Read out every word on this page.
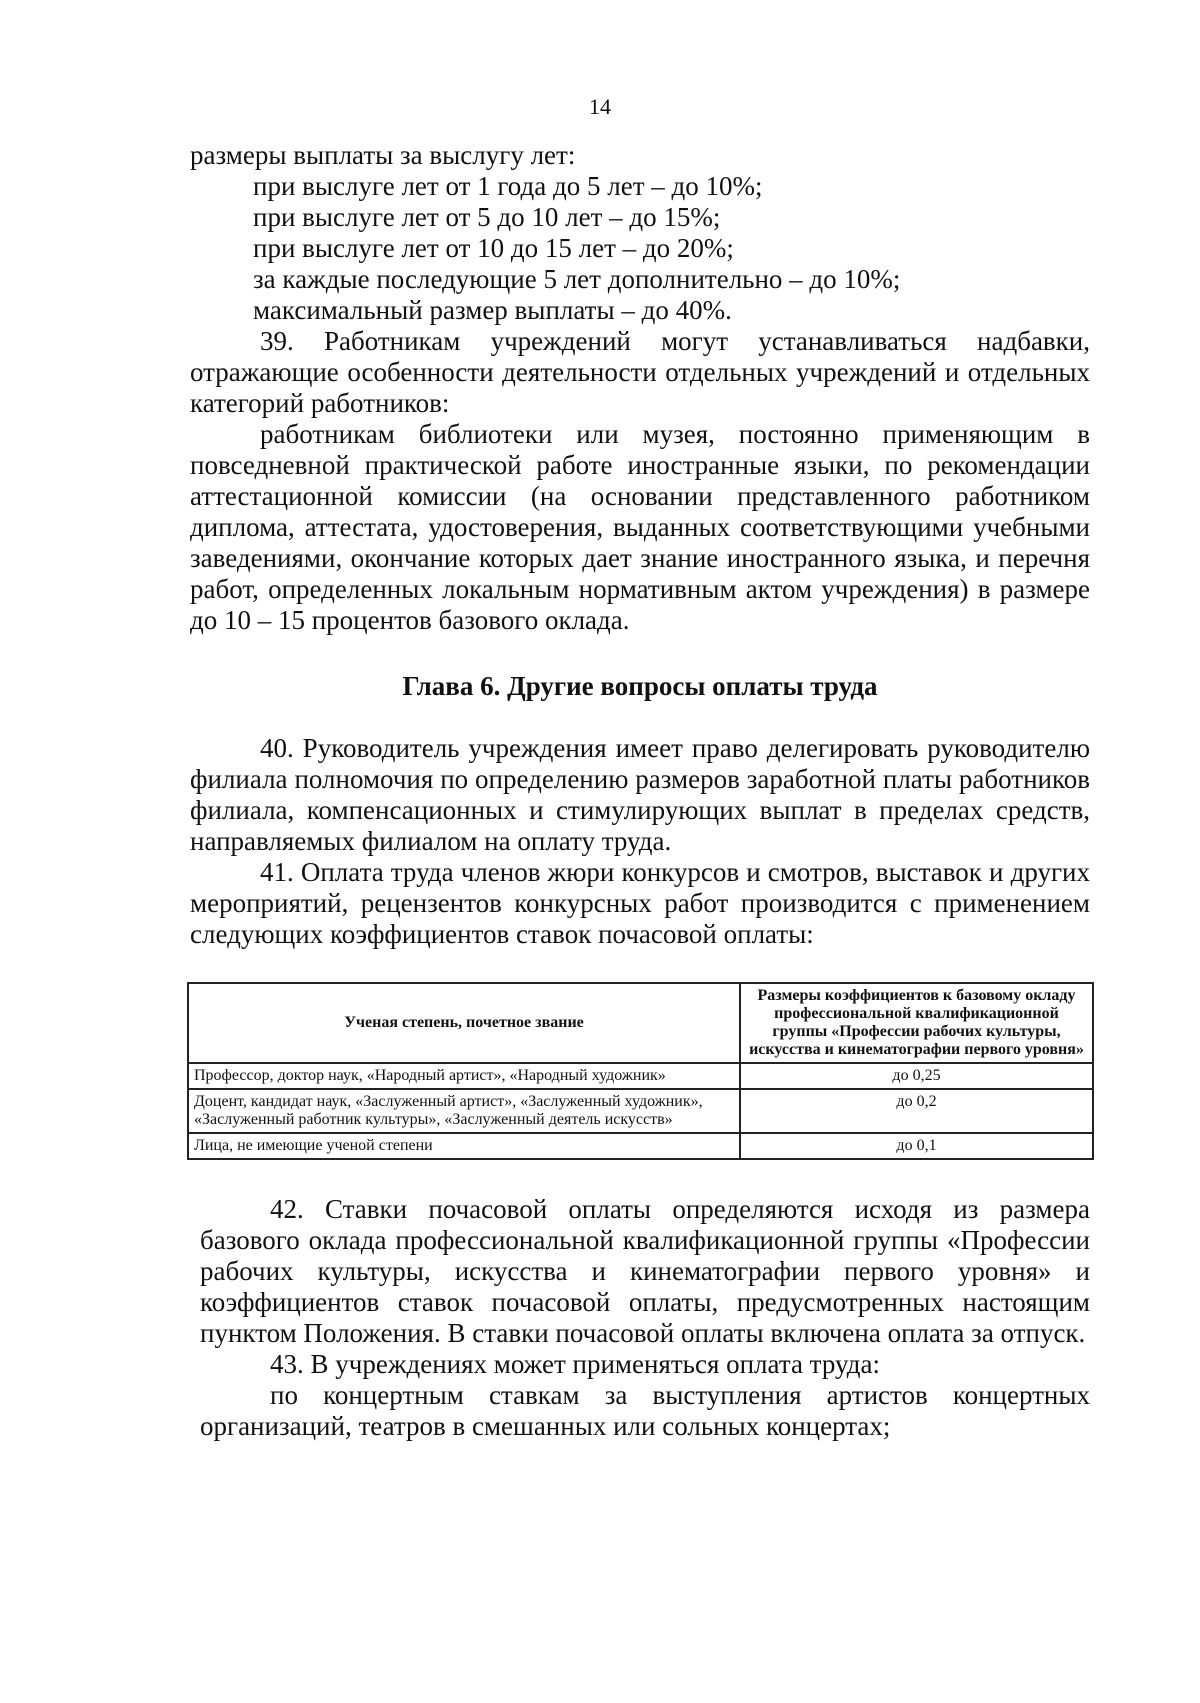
14

размеры выплаты за выслугу лет:

при выслуге лет от 1 года до 5 лет – до 10%;

при выслуге лет от 5 до 10 лет – до 15%;

при выслуге лет от 10 до 15 лет – до 20%;

за каждые последующие 5 лет дополнительно – до 10%;

максимальный размер выплаты – до 40%.

39. Работникам учреждений могут устанавливаться надбавки, отражающие особенности деятельности отдельных учреждений и отдельных категорий работников:

работникам библиотеки или музея, постоянно применяющим в повседневной практической работе иностранные языки, по рекомендации аттестационной комиссии (на основании представленного работником диплома, аттестата, удостоверения, выданных соответствующими учебными заведениями, окончание которых дает знание иностранного языка, и перечня работ, определенных локальным нормативным актом учреждения) в размере до 10 – 15 процентов базового оклада.

Глава 6. Другие вопросы оплаты труда

40. Руководитель учреждения имеет право делегировать руководителю филиала полномочия по определению размеров заработной платы работников филиала, компенсационных и стимулирующих выплат в пределах средств, направляемых филиалом на оплату труда.

41. Оплата труда членов жюри конкурсов и смотров, выставок и других мероприятий, рецензентов конкурсных работ производится с применением следующих коэффициентов ставок почасовой оплаты:

Ученая степень, почетное звание	Размеры коэффициентов к базовому окладу профессиональной квалификационной группы «Профессии рабочих культуры, искусства и кинематографии первого уровня»
Профессор, доктор наук, «Народный артист», «Народный художник»	до 0,25
Доцент, кандидат наук, «Заслуженный артист», «Заслуженный художник», «Заслуженный работник культуры», «Заслуженный деятель искусств»	до 0,2
Лица, не имеющие ученой степени	до 0,1

42. Ставки почасовой оплаты определяются исходя из размера базового оклада профессиональной квалификационной группы «Профессии рабочих культуры, искусства и кинематографии первого уровня» и коэффициентов ставок почасовой оплаты, предусмотренных настоящим пунктом Положения. В ставки почасовой оплаты включена оплата за отпуск.

43. В учреждениях может применяться оплата труда:

по концертным ставкам за выступления артистов концертных организаций, театров в смешанных или сольных концертах;
